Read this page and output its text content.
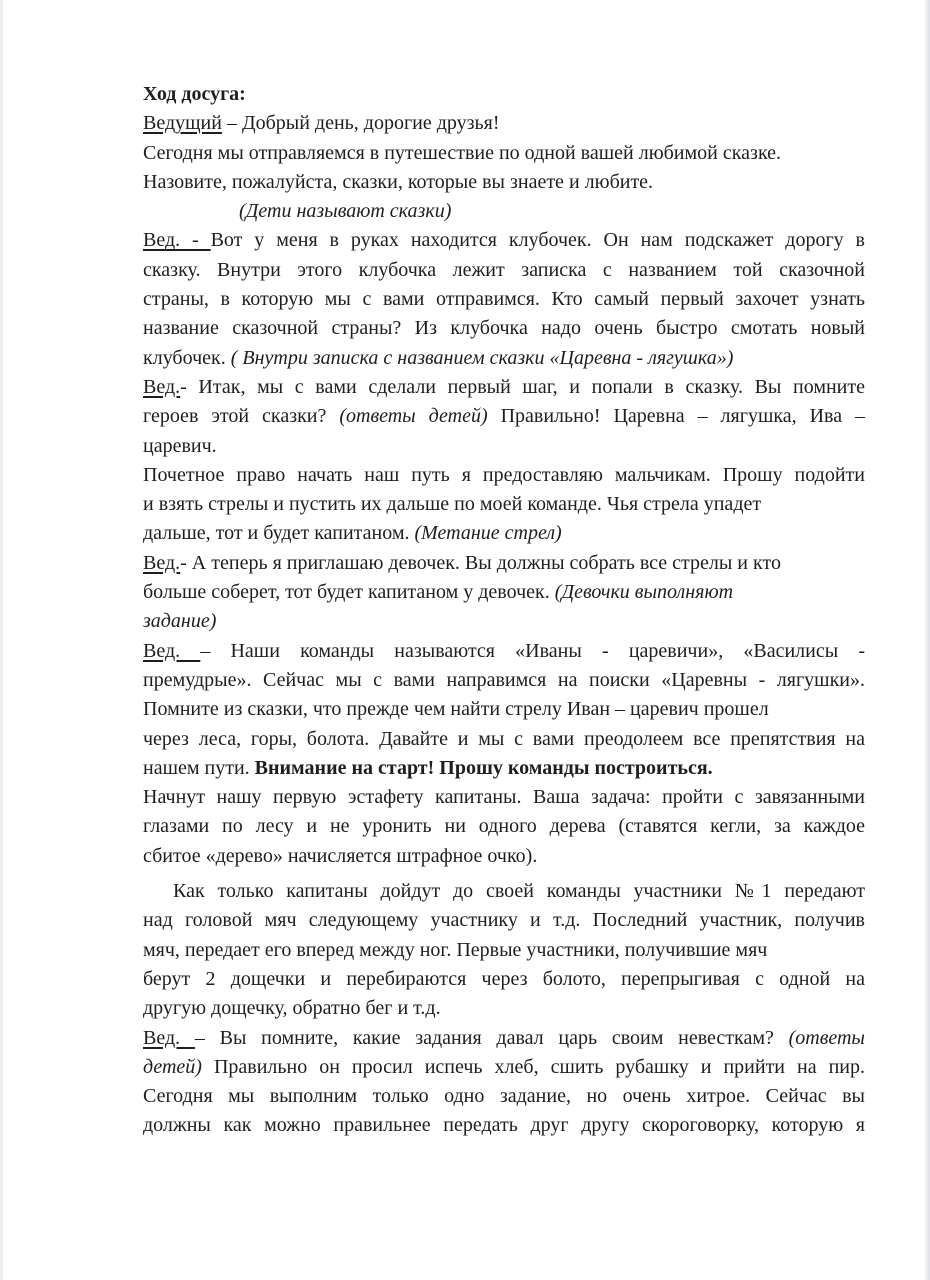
Ход досуга:
Ведущий – Добрый день, дорогие друзья!
Сегодня мы отправляемся в путешествие по одной вашей любимой сказке.
Назовите, пожалуйста, сказки, которые вы знаете и любите.
(Дети называют сказки)
Вед. - Вот у меня в руках находится клубочек. Он нам подскажет дорогу в
сказку. Внутри этого клубочка лежит записка с названием той сказочной
страны, в которую мы с вами отправимся. Кто самый первый захочет узнать
название сказочной страны? Из клубочка надо очень быстро смотать новый
клубочек. ( Внутри записка с названием сказки «Царевна - лягушка»)
Вед.- Итак, мы с вами сделали первый шаг, и попали в сказку. Вы помните
героев этой сказки? (ответы детей) Правильно! Царевна – лягушка, Ива –
царевич.
Почетное право начать наш путь я предоставляю мальчикам. Прошу подойти
и взять стрелы и пустить их дальше по моей команде. Чья стрела упадет
дальше, тот и будет капитаном. (Метание стрел)
Вед.- А теперь я приглашаю девочек. Вы должны собрать все стрелы и кто
больше соберет, тот будет капитаном у девочек. (Девочки выполняют
задание)
Вед. – Наши команды называются «Иваны - царевичи», «Василисы -
премудрые». Сейчас мы с вами направимся на поиски «Царевны - лягушки».
Помните из сказки, что прежде чем найти стрелу Иван – царевич прошел
через леса, горы, болота. Давайте и мы с вами преодолеем все препятствия на
нашем пути. Внимание на старт! Прошу команды построиться.
Начнут нашу первую эстафету капитаны. Ваша задача: пройти с завязанными
глазами по лесу и не уронить ни одного дерева (ставятся кегли, за каждое
сбитое «дерево» начисляется штрафное очко).
Как только капитаны дойдут до своей команды участники №1 передают
над головой мяч следующему участнику и т.д. Последний участник, получив
мяч, передает его вперед между ног. Первые участники, получившие мяч
берут 2 дощечки и перебираются через болото, перепрыгивая с одной на
другую дощечку, обратно бег и т.д.
Вед. – Вы помните, какие задания давал царь своим невесткам? (ответы
детей) Правильно он просил испечь хлеб, сшить рубашку и прийти на пир.
Сегодня мы выполним только одно задание, но очень хитрое. Сейчас вы
должны как можно правильнее передать друг другу скороговорку, которую я
